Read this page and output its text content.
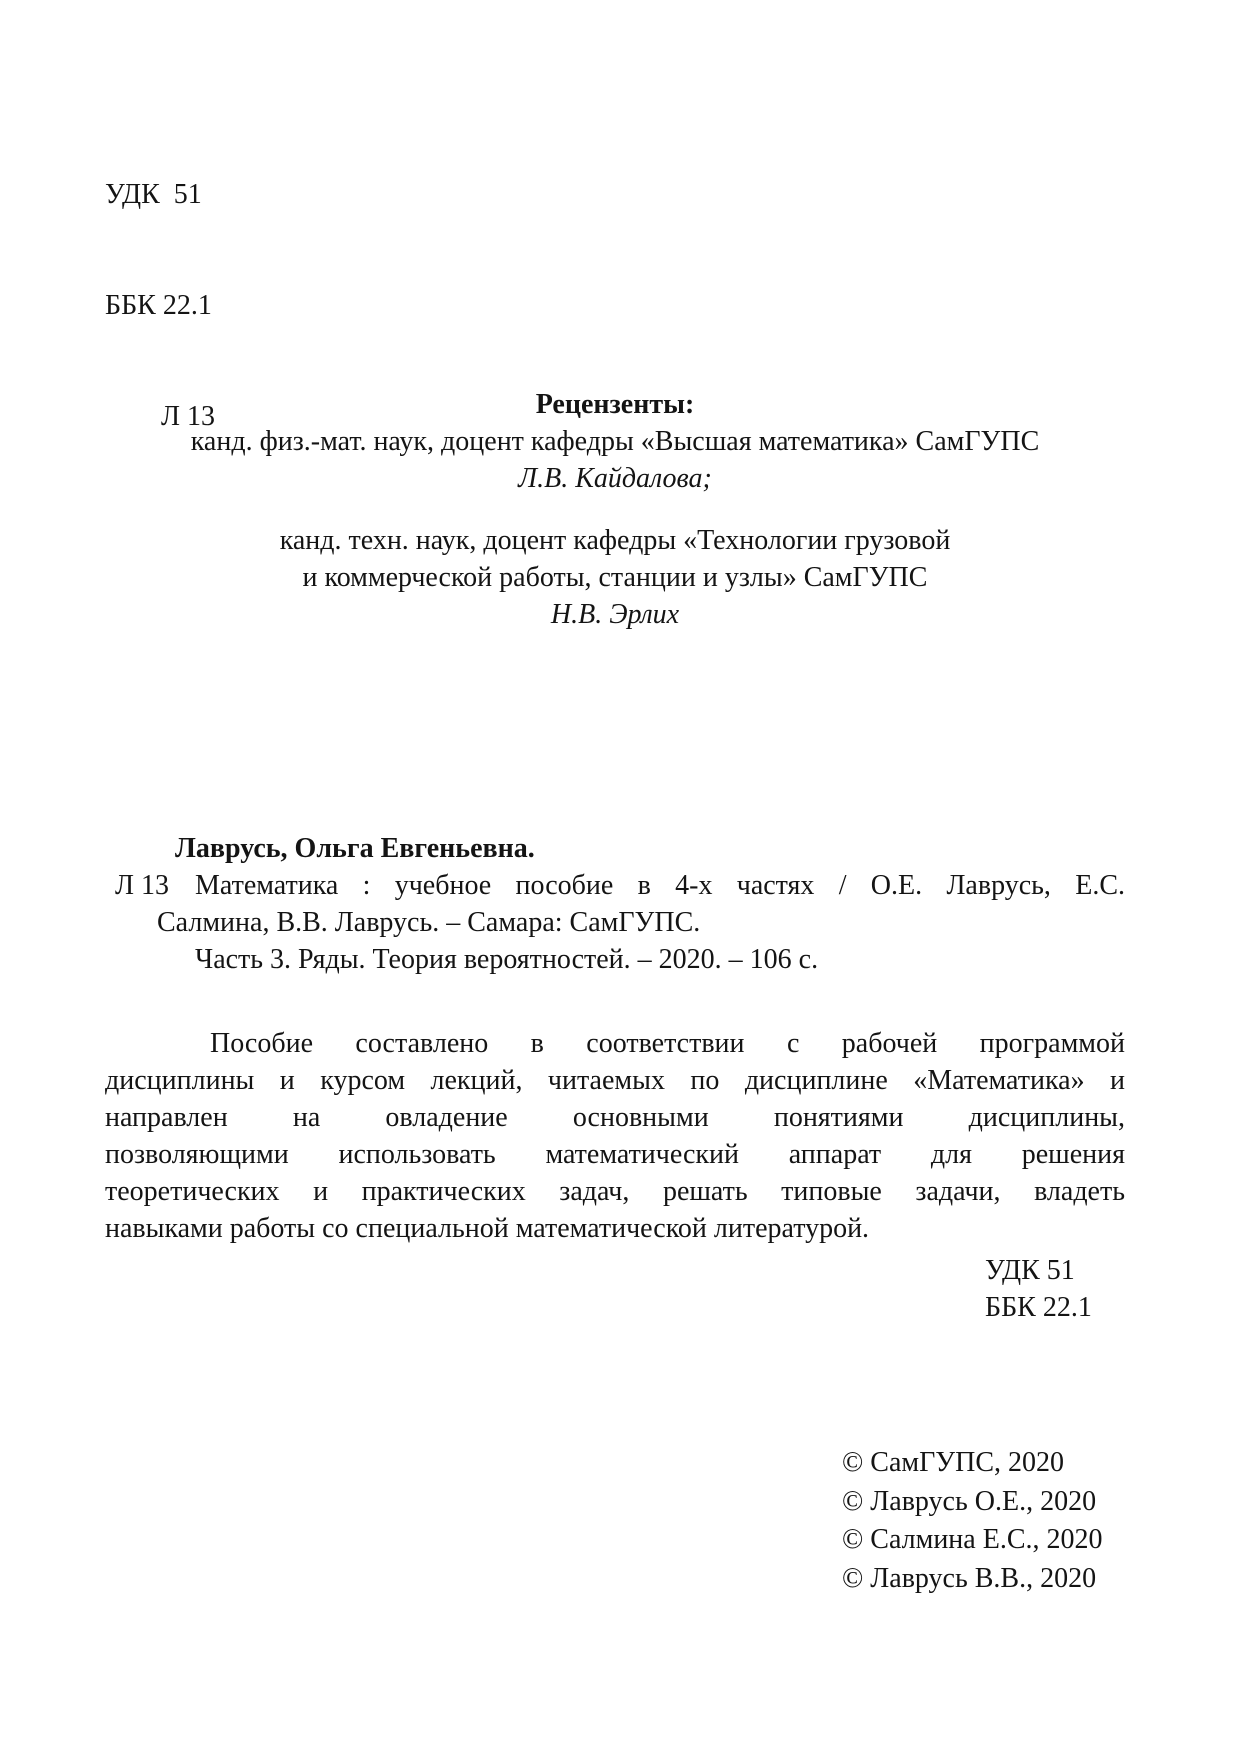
УДК  51

ББК 22.1

Л 13

	Рецензенты:
канд. физ.-мат. наук, доцент кафедры «Высшая математика» СамГУПС
Л.В. Кайдалова;
канд. техн. наук, доцент кафедры «Технологии грузовой
и коммерческой работы, станции и узлы» СамГУПС
Н.В. Эрлих
Лаврусь, Ольга Евгеньевна.
Л 13 Математика : учебное пособие в 4-х частях / О.Е. Лаврусь, Е.С.
Салмина, В.В. Лаврусь. – Самара: СамГУПС.
Часть 3. Ряды. Теория вероятностей. – 2020. – 106 с.
Пособие составлено в соответствии с рабочей программой
дисциплины и курсом лекций, читаемых по дисциплине «Математика» и
направлен на овладение основными понятиями дисциплины,
позволяющими использовать математический аппарат для решения
теоретических и практических задач, решать типовые задачи, владеть
навыками работы со специальной математической литературой.
УДК 51
ББК 22.1
© СамГУПС, 2020
© Лаврусь О.Е., 2020
© Салмина Е.С., 2020
© Лаврусь В.В., 2020
